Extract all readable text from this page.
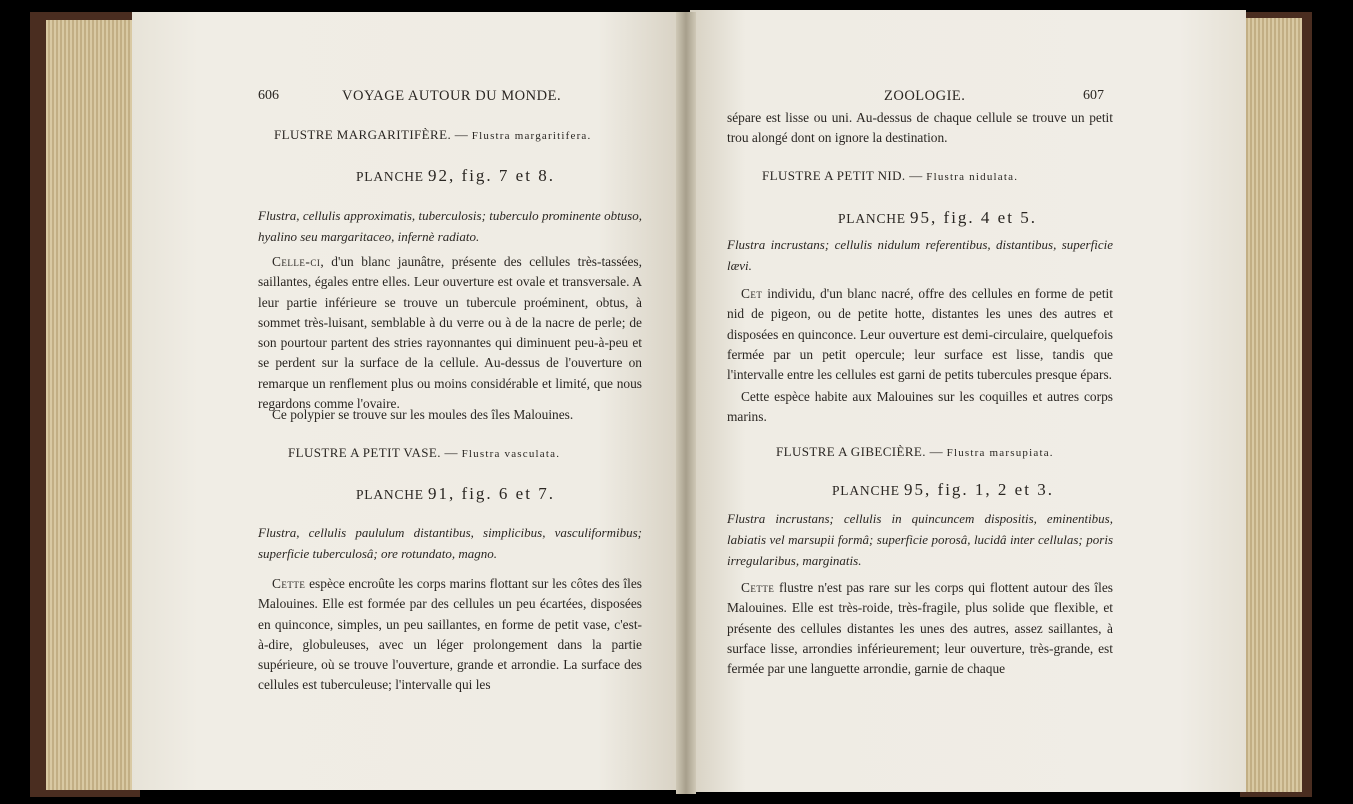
606	VOYAGE AUTOUR DU MONDE.
FLUSTRE MARGARITIFÈRE. — Flustra margaritifera.
PLANCHE 92, fig. 7 et 8.
Flustra, cellulis approximatis, tuberculosis; tuberculo prominente obtuso, hyalino seu margaritaceo, infernè radiato.

Celle-ci, d'un blanc jaunâtre, présente des cellules très-tassées, saillantes, égales entre elles. Leur ouverture est ovale et transversale. A leur partie inférieure se trouve un tubercule proéminent, obtus, à sommet très-luisant, semblable à du verre ou à de la nacre de perle; de son pourtour partent des stries rayonnantes qui diminuent peu-à-peu et se perdent sur la surface de la cellule. Au-dessus de l'ouverture on remarque un renflement plus ou moins considérable et limité, que nous regardons comme l'ovaire.

Ce polypier se trouve sur les moules des îles Malouines.

FLUSTRE A PETIT VASE. — Flustra vasculata.
PLANCHE 91, fig. 6 et 7.
Flustra, cellulis paululum distantibus, simplicibus, vasculiformibus; superficie tuberculosâ; ore rotundato, magno.

Cette espèce encroûte les corps marins flottant sur les côtes des îles Malouines. Elle est formée par des cellules un peu écartées, disposées en quinconce, simples, un peu saillantes, en forme de petit vase, c'est-à-dire, globuleuses, avec un léger prolongement dans la partie supérieure, où se trouve l'ouverture, grande et arrondie. La surface des cellules est tuberculeuse; l'intervalle qui les

ZOOLOGIE.	607

sépare est lisse ou uni. Au-dessus de chaque cellule se trouve un petit trou alongé dont on ignore la destination.

FLUSTRE A PETIT NID. — Flustra nidulata.
PLANCHE 95, fig. 4 et 5.
Flustra incrustans; cellulis nidulum referentibus, distantibus, superficie lævi.

Cet individu, d'un blanc nacré, offre des cellules en forme de petit nid de pigeon, ou de petite hotte, distantes les unes des autres et disposées en quinconce. Leur ouverture est demi-circulaire, quelquefois fermée par un petit opercule; leur surface est lisse, tandis que l'intervalle entre les cellules est garni de petits tubercules presque épars.

Cette espèce habite aux Malouines sur les coquilles et autres corps marins.

FLUSTRE A GIBECIÈRE. — Flustra marsupiata.
PLANCHE 95, fig. 1, 2 et 3.
Flustra incrustans; cellulis in quincuncem dispositis, eminentibus, labiatis vel marsupii formâ; superficie porosâ, lucidâ inter cellulas; poris irregularibus, marginatis.

Cette flustre n'est pas rare sur les corps qui flottent autour des îles Malouines. Elle est très-roide, très-fragile, plus solide que flexible, et présente des cellules distantes les unes des autres, assez saillantes, à surface lisse, arrondies inférieurement; leur ouverture, très-grande, est fermée par une languette arrondie, garnie de chaque
